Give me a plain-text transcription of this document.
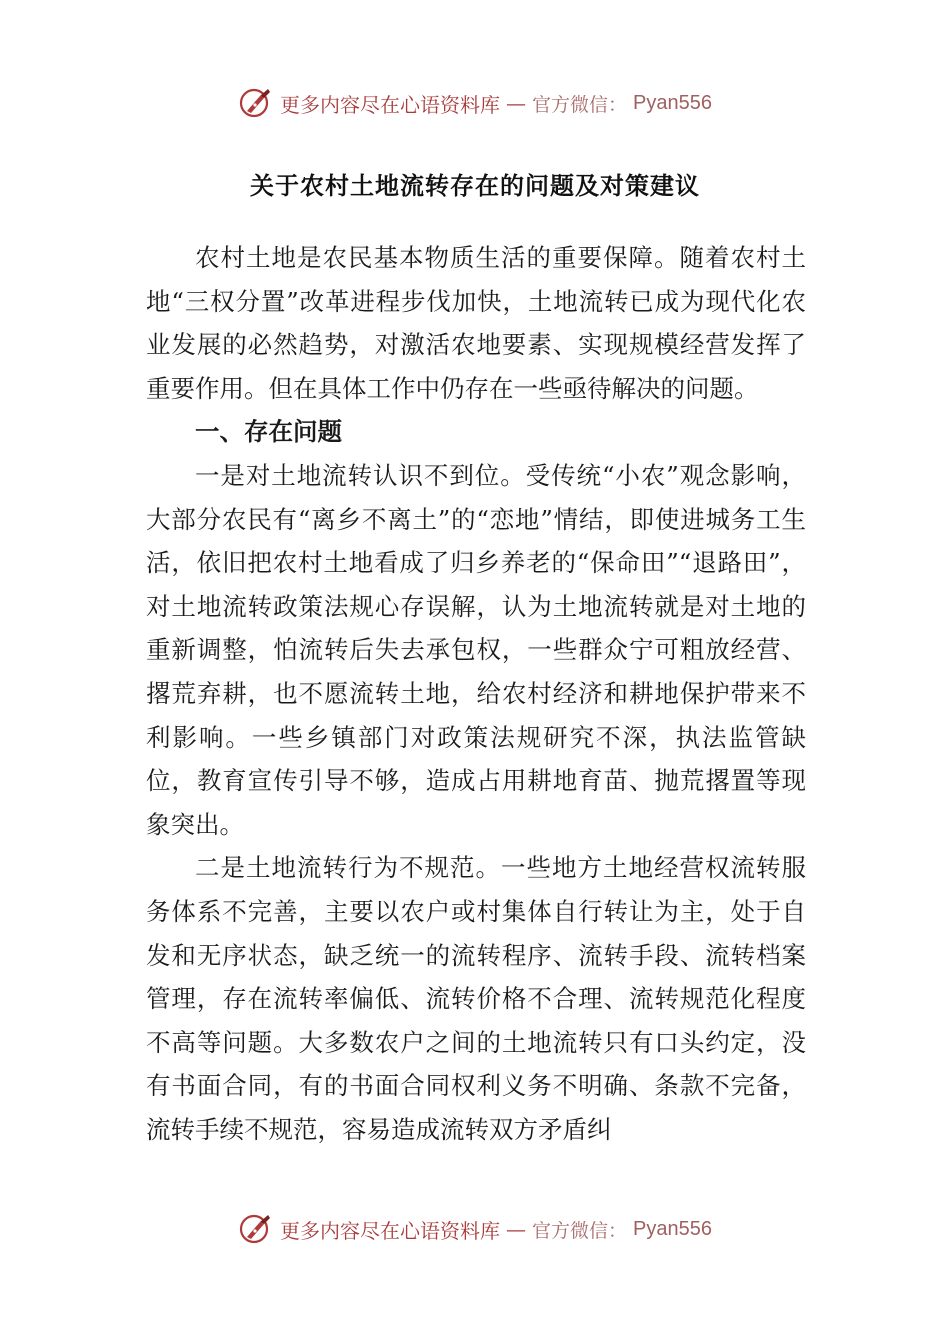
更多内容尽在心语资料库 — 官方微信： Pyan556
关于农村土地流转存在的问题及对策建议

农村土地是农民基本物质生活的重要保障。随着农村土地“三权分置”改革进程步伐加快，土地流转已成为现代化农业发展的必然趋势，对激活农地要素、实现规模经营发挥了重要作用。但在具体工作中仍存在一些亟待解决的问题。

一、存在问题

一是对土地流转认识不到位。受传统“小农”观念影响，大部分农民有“离乡不离土”的“恋地”情结，即使进城务工生活，依旧把农村土地看成了归乡养老的“保命田”“退路田”，对土地流转政策法规心存误解，认为土地流转就是对土地的重新调整，怕流转后失去承包权，一些群众宁可粗放经营、撂荒弃耕，也不愿流转土地，给农村经济和耕地保护带来不利影响。一些乡镇部门对政策法规研究不深，执法监管缺位，教育宣传引导不够，造成占用耕地育苗、抛荒撂置等现象突出。

二是土地流转行为不规范。一些地方土地经营权流转服务体系不完善，主要以农户或村集体自行转让为主，处于自发和无序状态，缺乏统一的流转程序、流转手段、流转档案管理，存在流转率偏低、流转价格不合理、流转规范化程度不高等问题。大多数农户之间的土地流转只有口头约定，没有书面合同，有的书面合同权利义务不明确、条款不完备，流转手续不规范，容易造成流转双方矛盾纠

更多内容尽在心语资料库 — 官方微信： Pyan556
